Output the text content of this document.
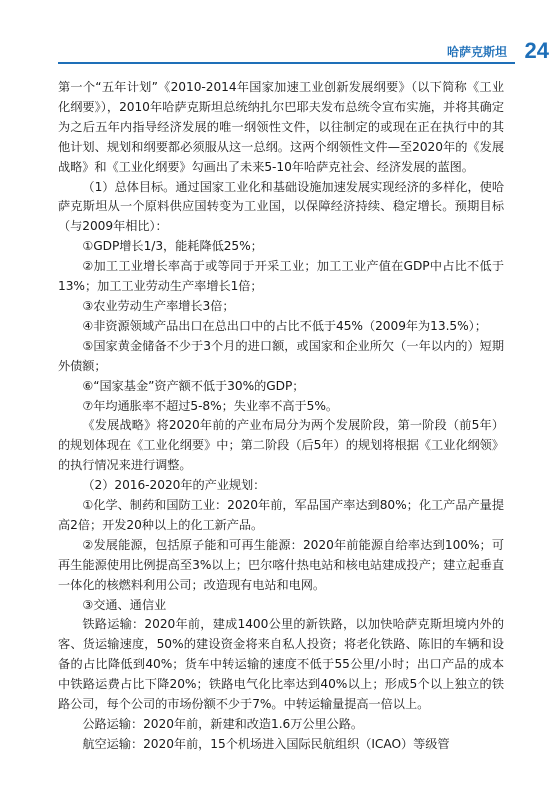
哈萨克斯坦 24

第一个“五年计划”《2010-2014年国家加速工业创新发展纲要》（以下简称《工业化纲要》），2010年哈萨克斯坦总统纳扎尔巴耶夫发布总统令宣布实施，并将其确定为之后五年内指导经济发展的唯一纲领性文件，以往制定的或现在正在执行中的其他计划、规划和纲要都必须服从这一总纲。这两个纲领性文件—至2020年的《发展战略》和《工业化纲要》勾画出了未来5-10年哈萨克社会、经济发展的蓝图。

（1）总体目标。通过国家工业化和基础设施加速发展实现经济的多样化，使哈萨克斯坦从一个原料供应国转变为工业国，以保障经济持续、稳定增长。预期目标（与2009年相比）：

①GDP增长1/3，能耗降低25%；

②加工工业增长率高于或等同于开采工业；加工工业产值在GDP中占比不低于13%；加工工业劳动生产率增长1倍；

③农业劳动生产率增长3倍；

④非资源领域产品出口在总出口中的占比不低于45%（2009年为13.5%）；

⑤国家黄金储备不少于3个月的进口额，或国家和企业所欠（一年以内的）短期外债额；

⑥“国家基金”资产额不低于30%的GDP；

⑦年均通胀率不超过5-8%；失业率不高于5%。

《发展战略》将2020年前的产业布局分为两个发展阶段，第一阶段（前5年）的规划体现在《工业化纲要》中；第二阶段（后5年）的规划将根据《工业化纲领》的执行情况来进行调整。

（2）2016-2020年的产业规划：

①化学、制药和国防工业：2020年前，军品国产率达到80%；化工产品产量提高2倍；开发20种以上的化工新产品。

②发展能源，包括原子能和可再生能源：2020年前能源自给率达到100%；可再生能源使用比例提高至3%以上；巴尔喀什热电站和核电站建成投产；建立起垂直一体化的核燃料利用公司；改造现有电站和电网。

③交通、通信业

铁路运输：2020年前，建成1400公里的新铁路，以加快哈萨克斯坦境内外的客、货运输速度，50%的建设资金将来自私人投资；将老化铁路、陈旧的车辆和设备的占比降低到40%；货车中转运输的速度不低于55公里/小时；出口产品的成本中铁路运费占比下降20%；铁路电气化比率达到40%以上；形成5个以上独立的铁路公司，每个公司的市场份额不少于7%。中转运输量提高一倍以上。

公路运输：2020年前，新建和改造1.6万公里公路。

航空运输：2020年前，15个机场进入国际民航组织（ICAO）等级管
